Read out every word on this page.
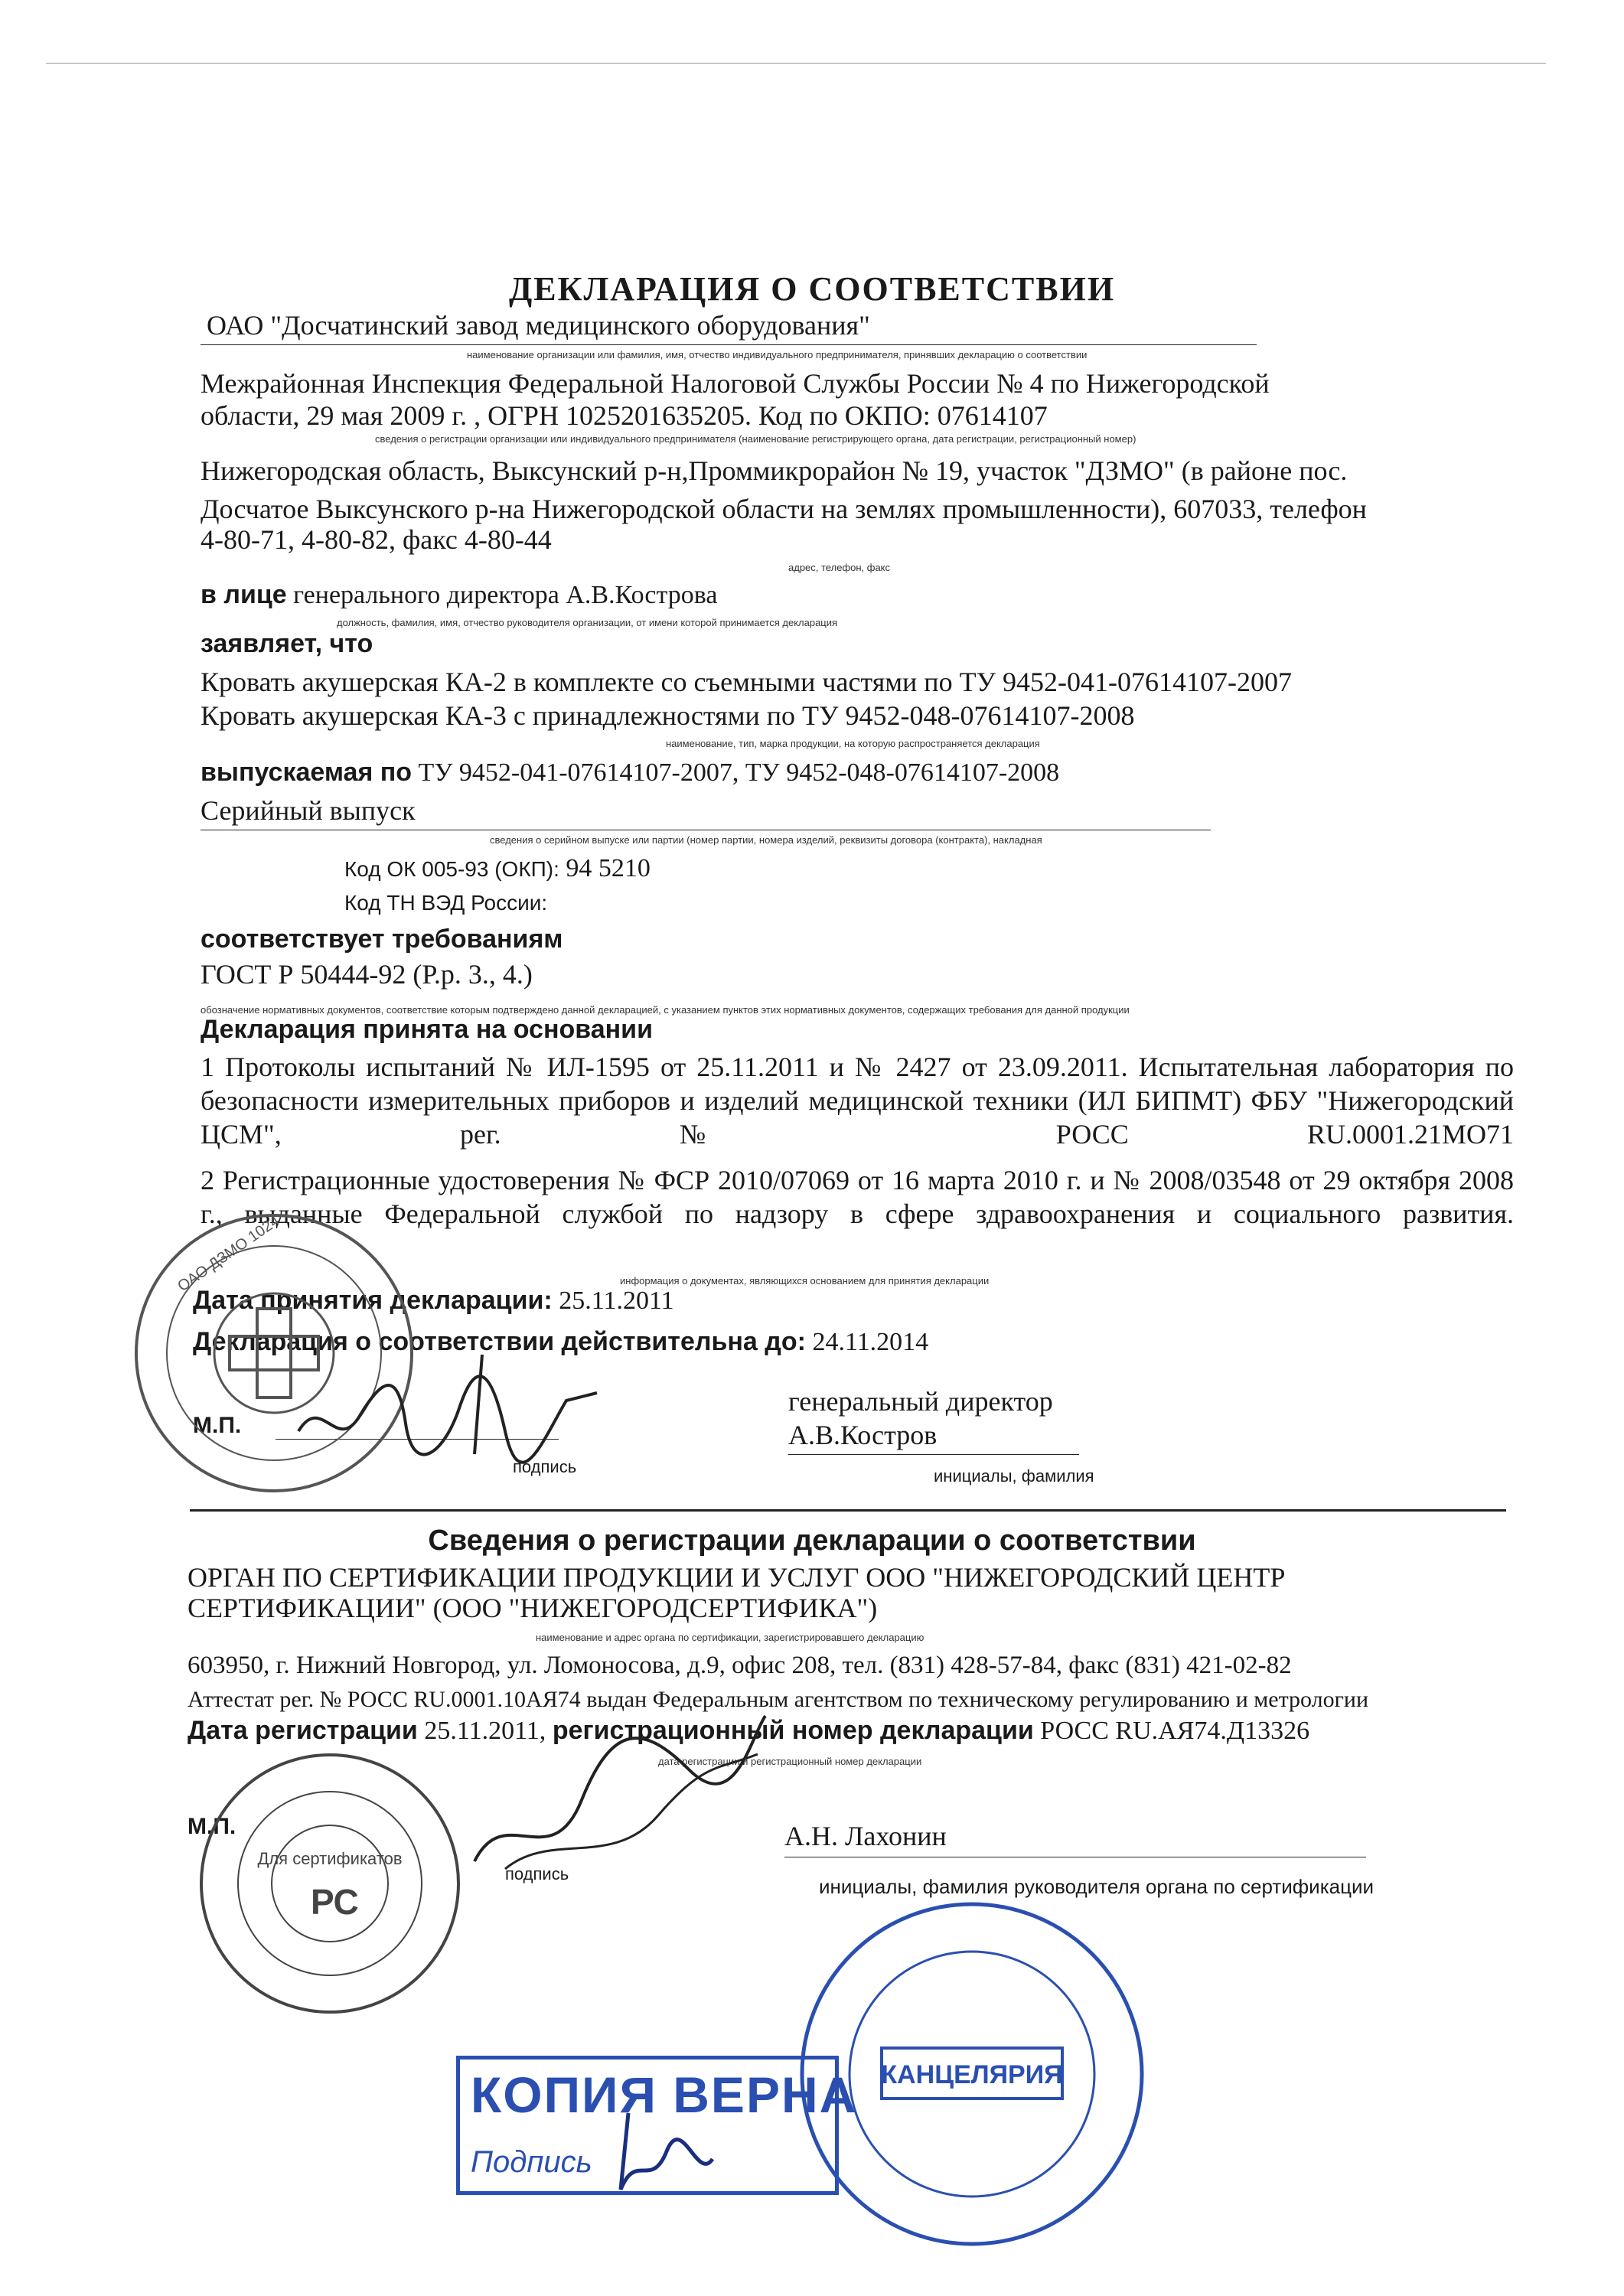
ДЕКЛАРАЦИЯ О СООТВЕТСТВИИ
ОАО "Досчатинский завод медицинского оборудования"
наименование организации или фамилия, имя, отчество индивидуального предпринимателя, принявших декларацию о соответствии
Межрайонная Инспекция Федеральной Налоговой Службы России № 4 по Нижегородской
области, 29 мая 2009 г. , ОГРН 1025201635205. Код по ОКПО: 07614107
сведения о регистрации организации или индивидуального предпринимателя (наименование регистрирующего органа, дата регистрации, регистрационный номер)
Нижегородская область, Выксунский р-н,Проммикрорайон № 19, участок "ДЗМО" (в районе пос.
Досчатое Выксунского р-на Нижегородской области на землях промышленности), 607033, телефон
4-80-71, 4-80-82, факс 4-80-44
адрес, телефон, факс
в лице генерального директора А.В.Кострова
должность, фамилия, имя, отчество руководителя организации, от имени которой принимается декларация
заявляет, что
Кровать акушерская КА-2 в комплекте со съемными частями по ТУ 9452-041-07614107-2007
Кровать акушерская КА-3 с принадлежностями по ТУ 9452-048-07614107-2008
наименование, тип, марка продукции, на которую распространяется декларация
выпускаемая по ТУ 9452-041-07614107-2007, ТУ 9452-048-07614107-2008
Серийный выпуск
сведения о серийном выпуске или партии (номер партии, номера изделий, реквизиты договора (контракта), накладная
Код ОК 005-93 (ОКП): 94 5210
Код ТН ВЭД России:
соответствует требованиям
ГОСТ Р 50444-92 (Р.р. 3., 4.)
обозначение нормативных документов, соответствие которым подтверждено данной декларацией, с указанием пунктов этих нормативных документов, содержащих требования для данной продукции
Декларация принята на основании
1 Протоколы испытаний № ИЛ-1595 от 25.11.2011 и № 2427 от 23.09.2011. Испытательная лаборатория по безопасности измерительных приборов и изделий медицинской техники (ИЛ БИПМТ) ФБУ "Нижегородский ЦСМ", рег. № РОСС RU.0001.21МО71
2 Регистрационные удостоверения № ФСР 2010/07069 от 16 марта 2010 г. и № 2008/03548 от 29 октября 2008 г., выданные Федеральной службой по надзору в сфере здравоохранения и социального развития.
информация о документах, являющихся основанием для принятия декларации
Дата принятия декларации: 25.11.2011
Декларация о соответствии действительна до: 24.11.2014
М.П.
подпись
генеральный директор
А.В.Костров
инициалы, фамилия
ОАО ДЗМО 1024
Сведения о регистрации декларации о соответствии
ОРГАН ПО СЕРТИФИКАЦИИ ПРОДУКЦИИ И УСЛУГ ООО "НИЖЕГОРОДСКИЙ ЦЕНТР
СЕРТИФИКАЦИИ" (ООО "НИЖЕГОРОДСЕРТИФИКА")
наименование и адрес органа по сертификации, зарегистрировавшего декларацию
603950, г. Нижний Новгород, ул. Ломоносова, д.9, офис 208, тел. (831) 428-57-84, факс (831) 421-02-82
Аттестат рег. № РОСС RU.0001.10АЯ74 выдан Федеральным агентством по техническому регулированию и метрологии
Дата регистрации 25.11.2011, регистрационный номер декларации РОСС RU.АЯ74.Д13326
дата регистрации и регистрационный номер декларации
М.П.
подпись
А.Н. Лахонин
инициалы, фамилия руководителя органа по сертификации
Для сертификатов
РС
КАНЦЕЛЯРИЯ
КОПИЯ ВЕРНА
Подпись
